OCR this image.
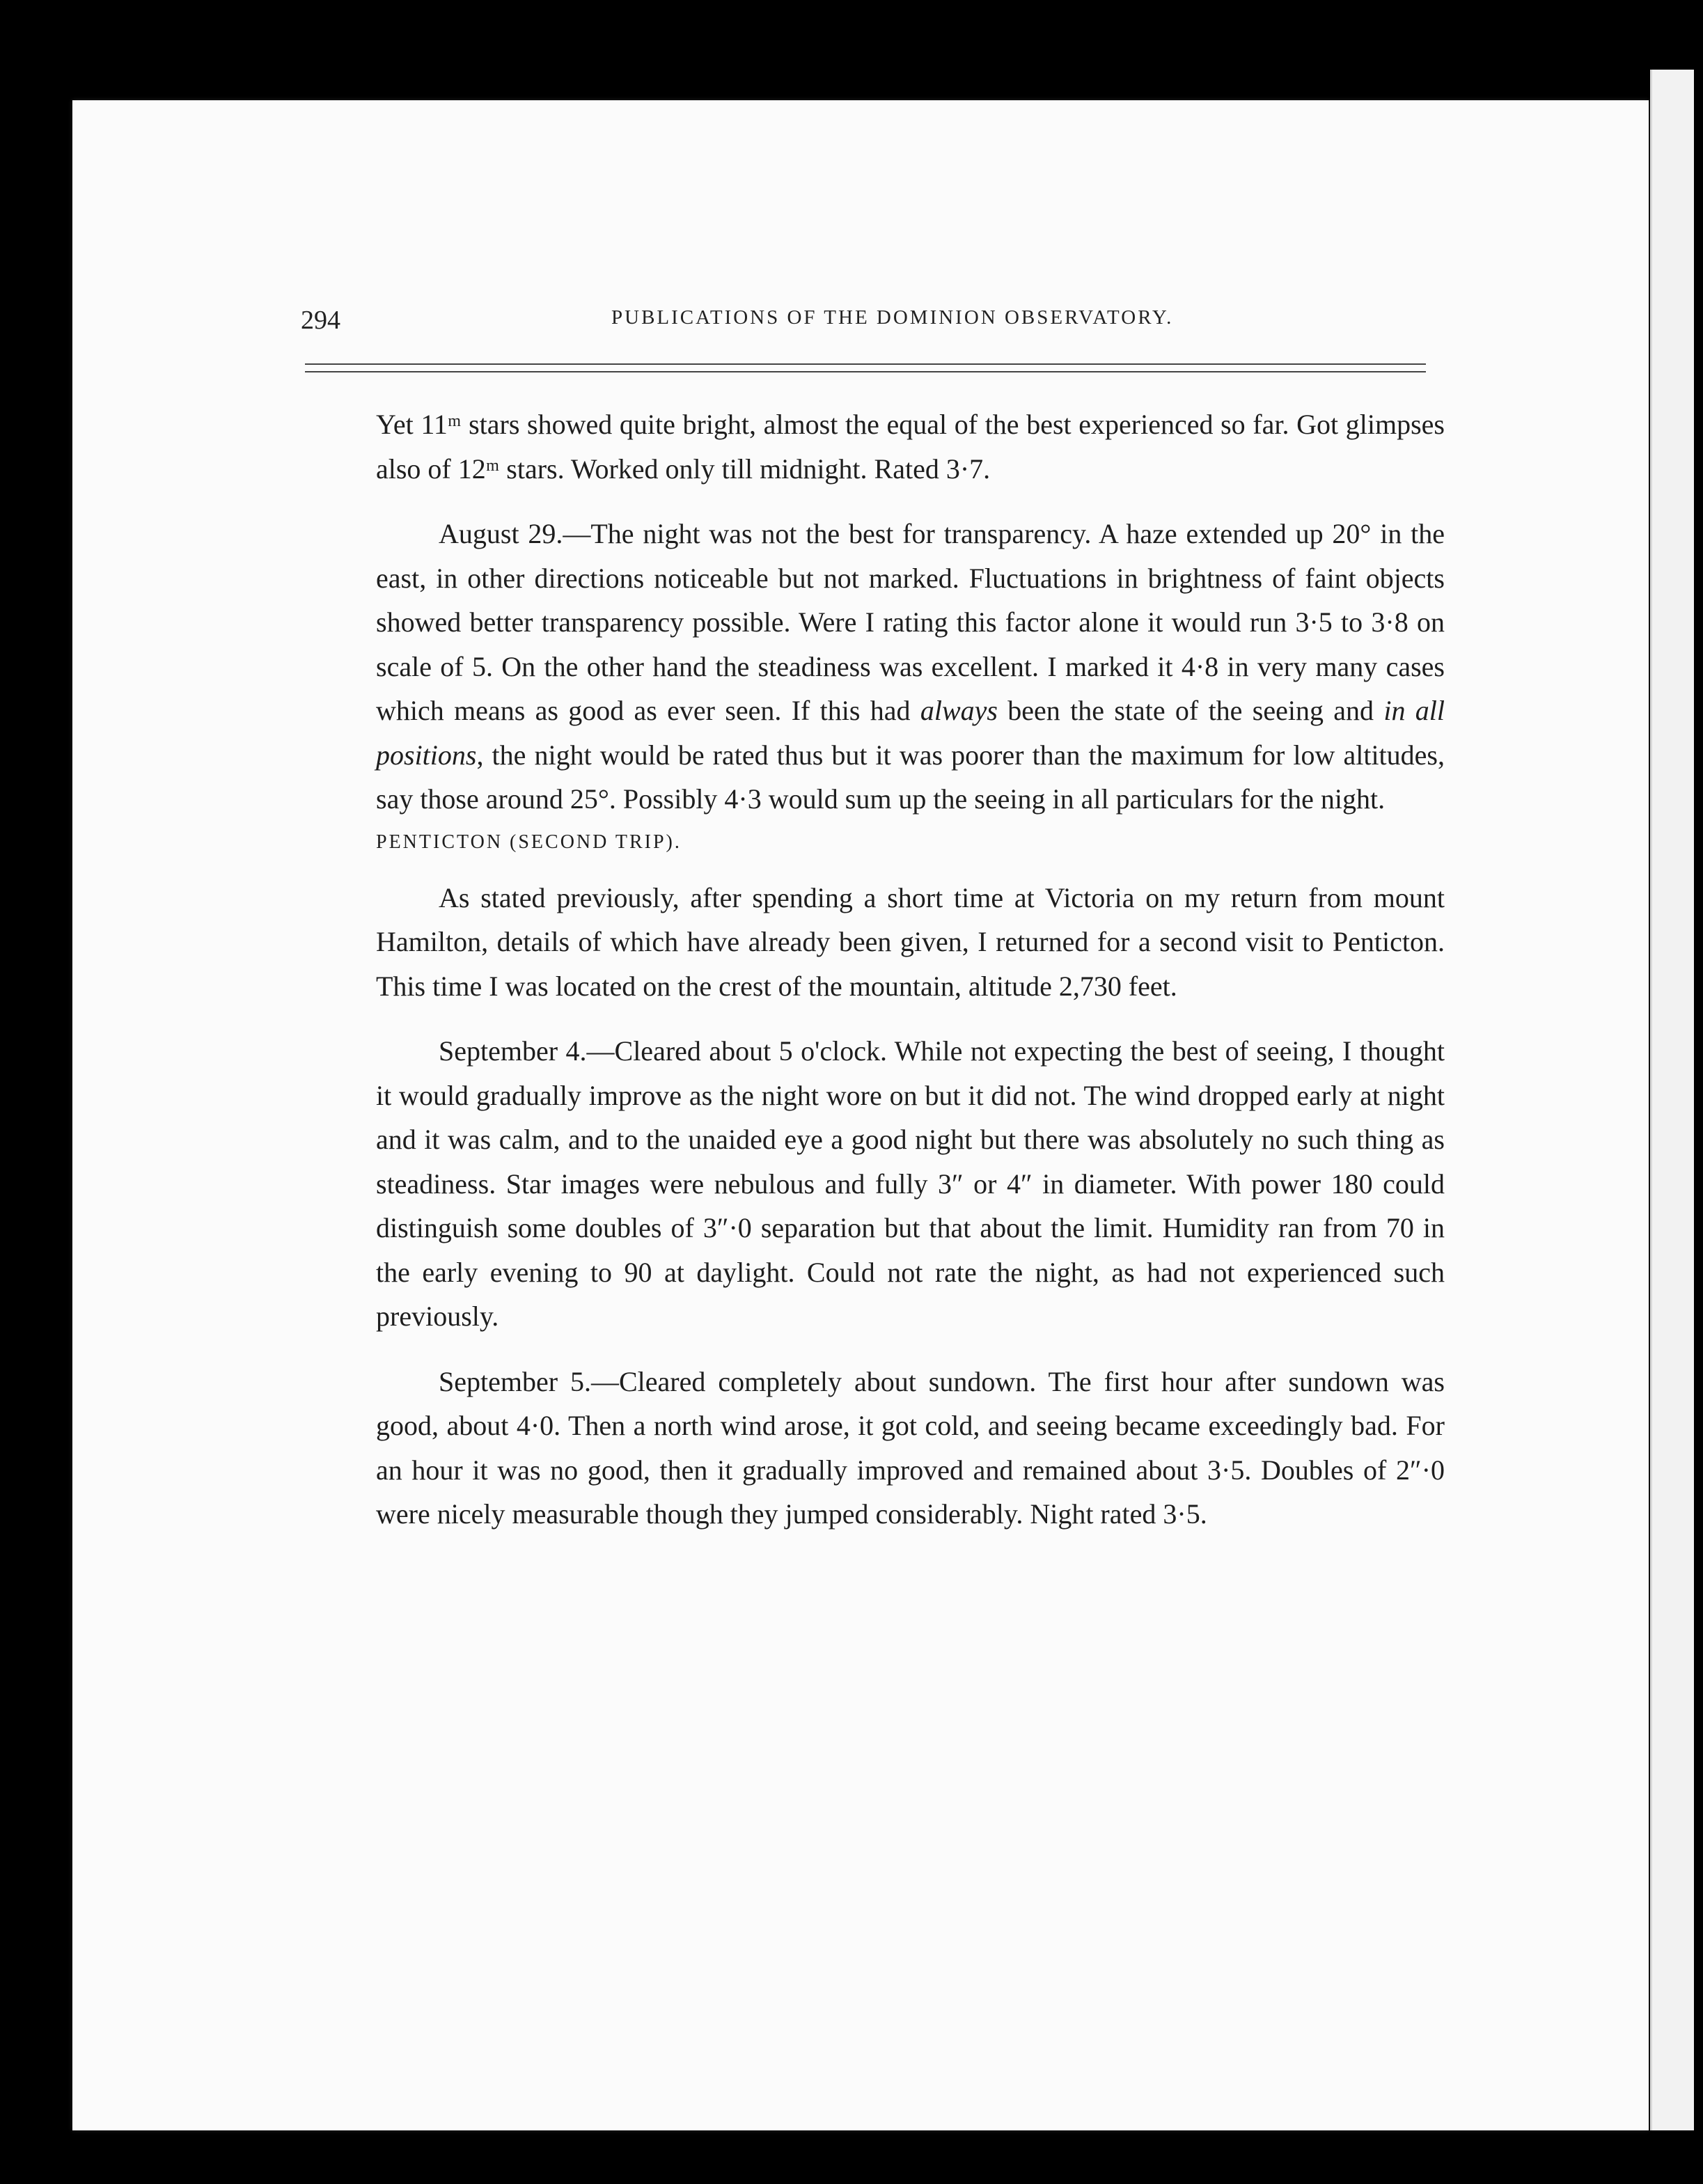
294	PUBLICATIONS OF THE DOMINION OBSERVATORY.

Yet 11ᵐ stars showed quite bright, almost the equal of the best experienced so far. Got glimpses also of 12ᵐ stars. Worked only till midnight. Rated 3·7.

August 29.—The night was not the best for transparency. A haze extended up 20° in the east, in other directions noticeable but not marked. Fluctuations in brightness of faint objects showed better transparency possible. Were I rating this factor alone it would run 3·5 to 3·8 on scale of 5. On the other hand the steadiness was excellent. I marked it 4·8 in very many cases which means as good as ever seen. If this had always been the state of the seeing and in all positions, the night would be rated thus but it was poorer than the maximum for low altitudes, say those around 25°. Possibly 4·3 would sum up the seeing in all particulars for the night.

PENTICTON (SECOND TRIP).

As stated previously, after spending a short time at Victoria on my return from mount Hamilton, details of which have already been given, I returned for a second visit to Penticton. This time I was located on the crest of the mountain, altitude 2,730 feet.

September 4.—Cleared about 5 o'clock. While not expecting the best of seeing, I thought it would gradually improve as the night wore on but it did not. The wind dropped early at night and it was calm, and to the unaided eye a good night but there was absolutely no such thing as steadiness. Star images were nebulous and fully 3″ or 4″ in diameter. With power 180 could distinguish some doubles of 3″·0 separation but that about the limit. Humidity ran from 70 in the early evening to 90 at daylight. Could not rate the night, as had not experienced such previously.

September 5.—Cleared completely about sundown. The first hour after sundown was good, about 4·0. Then a north wind arose, it got cold, and seeing became exceedingly bad. For an hour it was no good, then it gradually improved and remained about 3·5. Doubles of 2″·0 were nicely measurable though they jumped considerably. Night rated 3·5.
